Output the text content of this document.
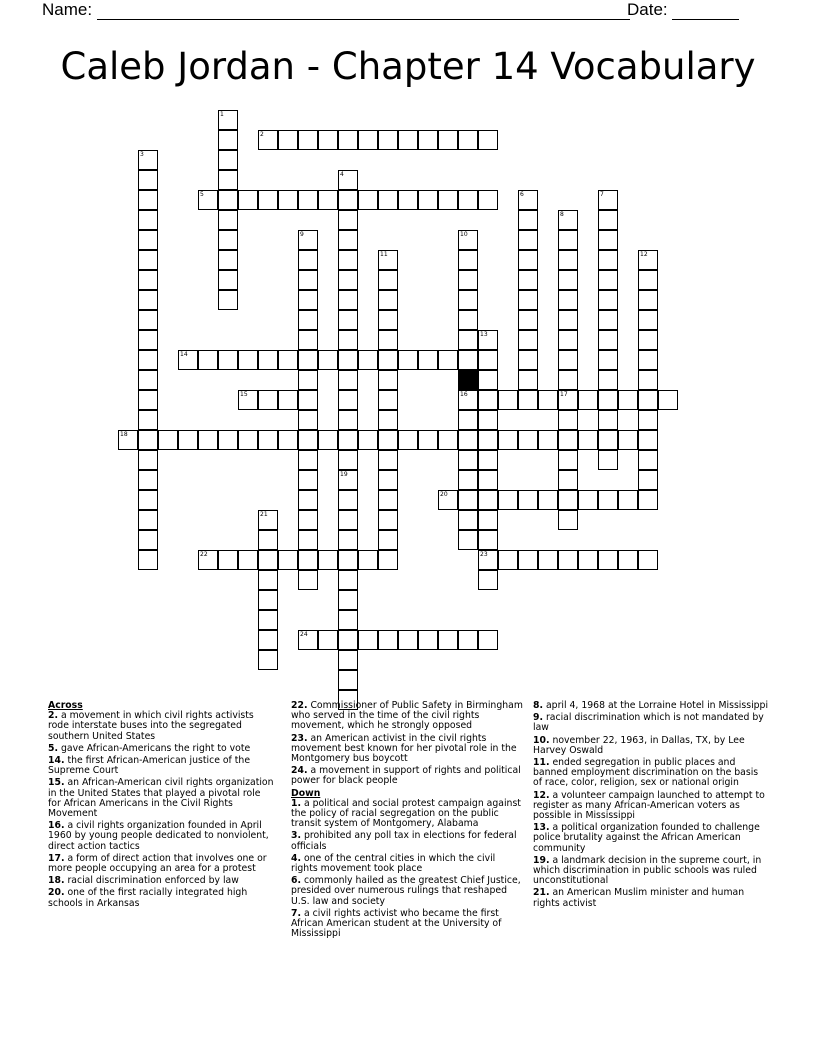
Name:	Date:
Caleb Jordan - Chapter 14 Vocabulary
1
2
3
4
5	6	7
8
17
9	10
16
11	12
13
23
14
15
18
19
20
21
22
24
Across
2. a movement in which civil rights activists rode interstate buses into the segregated southern United States
5. gave African-Americans the right to vote
14. the first African-American justice of the Supreme Court
15. an African-American civil rights organization in the United States that played a pivotal role for African Americans in the Civil Rights Movement
16. a civil rights organization founded in April 1960 by young people dedicated to nonviolent, direct action tactics
17. a form of direct action that involves one or more people occupying an area for a protest
18. racial discrimination enforced by law
20. one of the first racially integrated high schools in Arkansas
22. Commissioner of Public Safety in Birmingham who served in the time of the civil rights movement, which he strongly opposed
23. an American activist in the civil rights movement best known for her pivotal role in the Montgomery bus boycott
24. a movement in support of rights and political power for black people
Down
1. a political and social protest campaign against the policy of racial segregation on the public transit system of Montgomery, Alabama
3. prohibited any poll tax in elections for federal officials
4. one of the central cities in which the civil rights movement took place
6. commonly hailed as the greatest Chief Justice, presided over numerous rulings that reshaped U.S. law and society
7. a civil rights activist who became the first African American student at the University of Mississippi
8. april 4, 1968 at the Lorraine Hotel in Mississippi
9. racial discrimination which is not mandated by law
10. november 22, 1963, in Dallas, TX, by Lee Harvey Oswald
11. ended segregation in public places and banned employment discrimination on the basis of race, color, religion, sex or national origin
12. a volunteer campaign launched to attempt to register as many African-American voters as possible in Mississippi
13. a political organization founded to challenge police brutality against the African American community
19. a landmark decision in the supreme court, in which discrimination in public schools was ruled unconstitutional
21. an American Muslim minister and human rights activist
